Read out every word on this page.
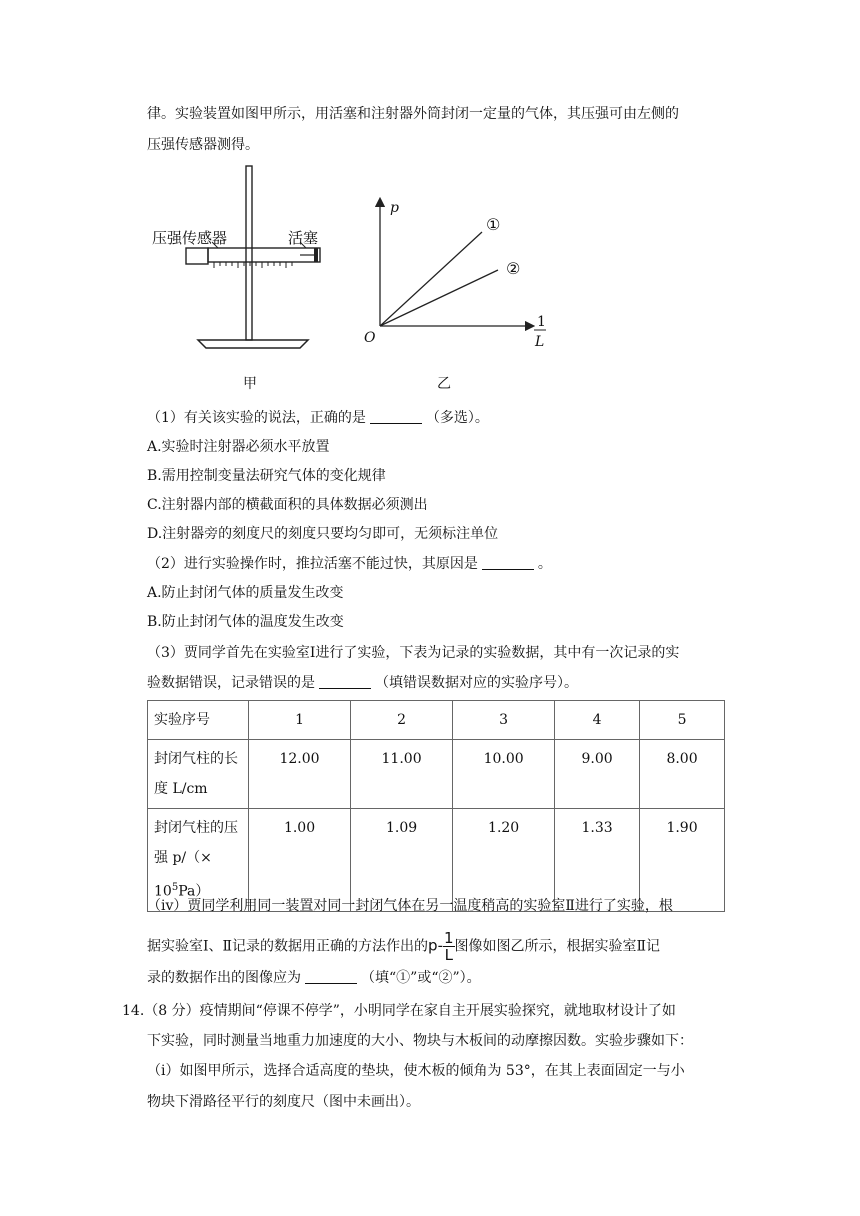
律。实验装置如图甲所示，用活塞和注射器外筒封闭一定量的气体，其压强可由左侧的
压强传感器测得。
压强传感器	活塞
甲
p
O
1
L
①
②
乙
（1）有关该实验的说法，正确的是	（多选）。
A.实验时注射器必须水平放置
B.需用控制变量法研究气体的变化规律
C.注射器内部的横截面积的具体数据必须测出
D.注射器旁的刻度尺的刻度只要均匀即可，无须标注单位
（2）进行实验操作时，推拉活塞不能过快，其原因是	。
A.防止封闭气体的质量发生改变
B.防止封闭气体的温度发生改变
（3）贾同学首先在实验室Ⅰ进行了实验，下表为记录的实验数据，其中有一次记录的实
验数据错误，记录错误的是	（填错误数据对应的实验序号）。
实验序号	1	2	3	4	5

封闭气柱的长
度 L/cm	12.00	11.00	10.00	9.00	8.00

封闭气柱的压
强 p/（×
$10^5Pa$）	1.00	1.09	1.20	1.33	1.90
（iv）贾同学利用同一装置对同一封闭气体在另一温度稍高的实验室Ⅱ进行了实验，根
据实验室Ⅰ、Ⅱ记录的数据用正确的方法作出的$p- \frac{1}{L}$ 图像如图乙所示，根据实验室Ⅱ记
录的数据作出的图像应为	（填“①”或“②”）。
14.（8 分）疫情期间“停课不停学”，小明同学在家自主开展实验探究，就地取材设计了如
下实验，同时测量当地重力加速度的大小、物块与木板间的动摩擦因数。实验步骤如下：
（i）如图甲所示，选择合适高度的垫块，使木板的倾角为 53°，在其上表面固定一与小
物块下滑路径平行的刻度尺（图中未画出）。
